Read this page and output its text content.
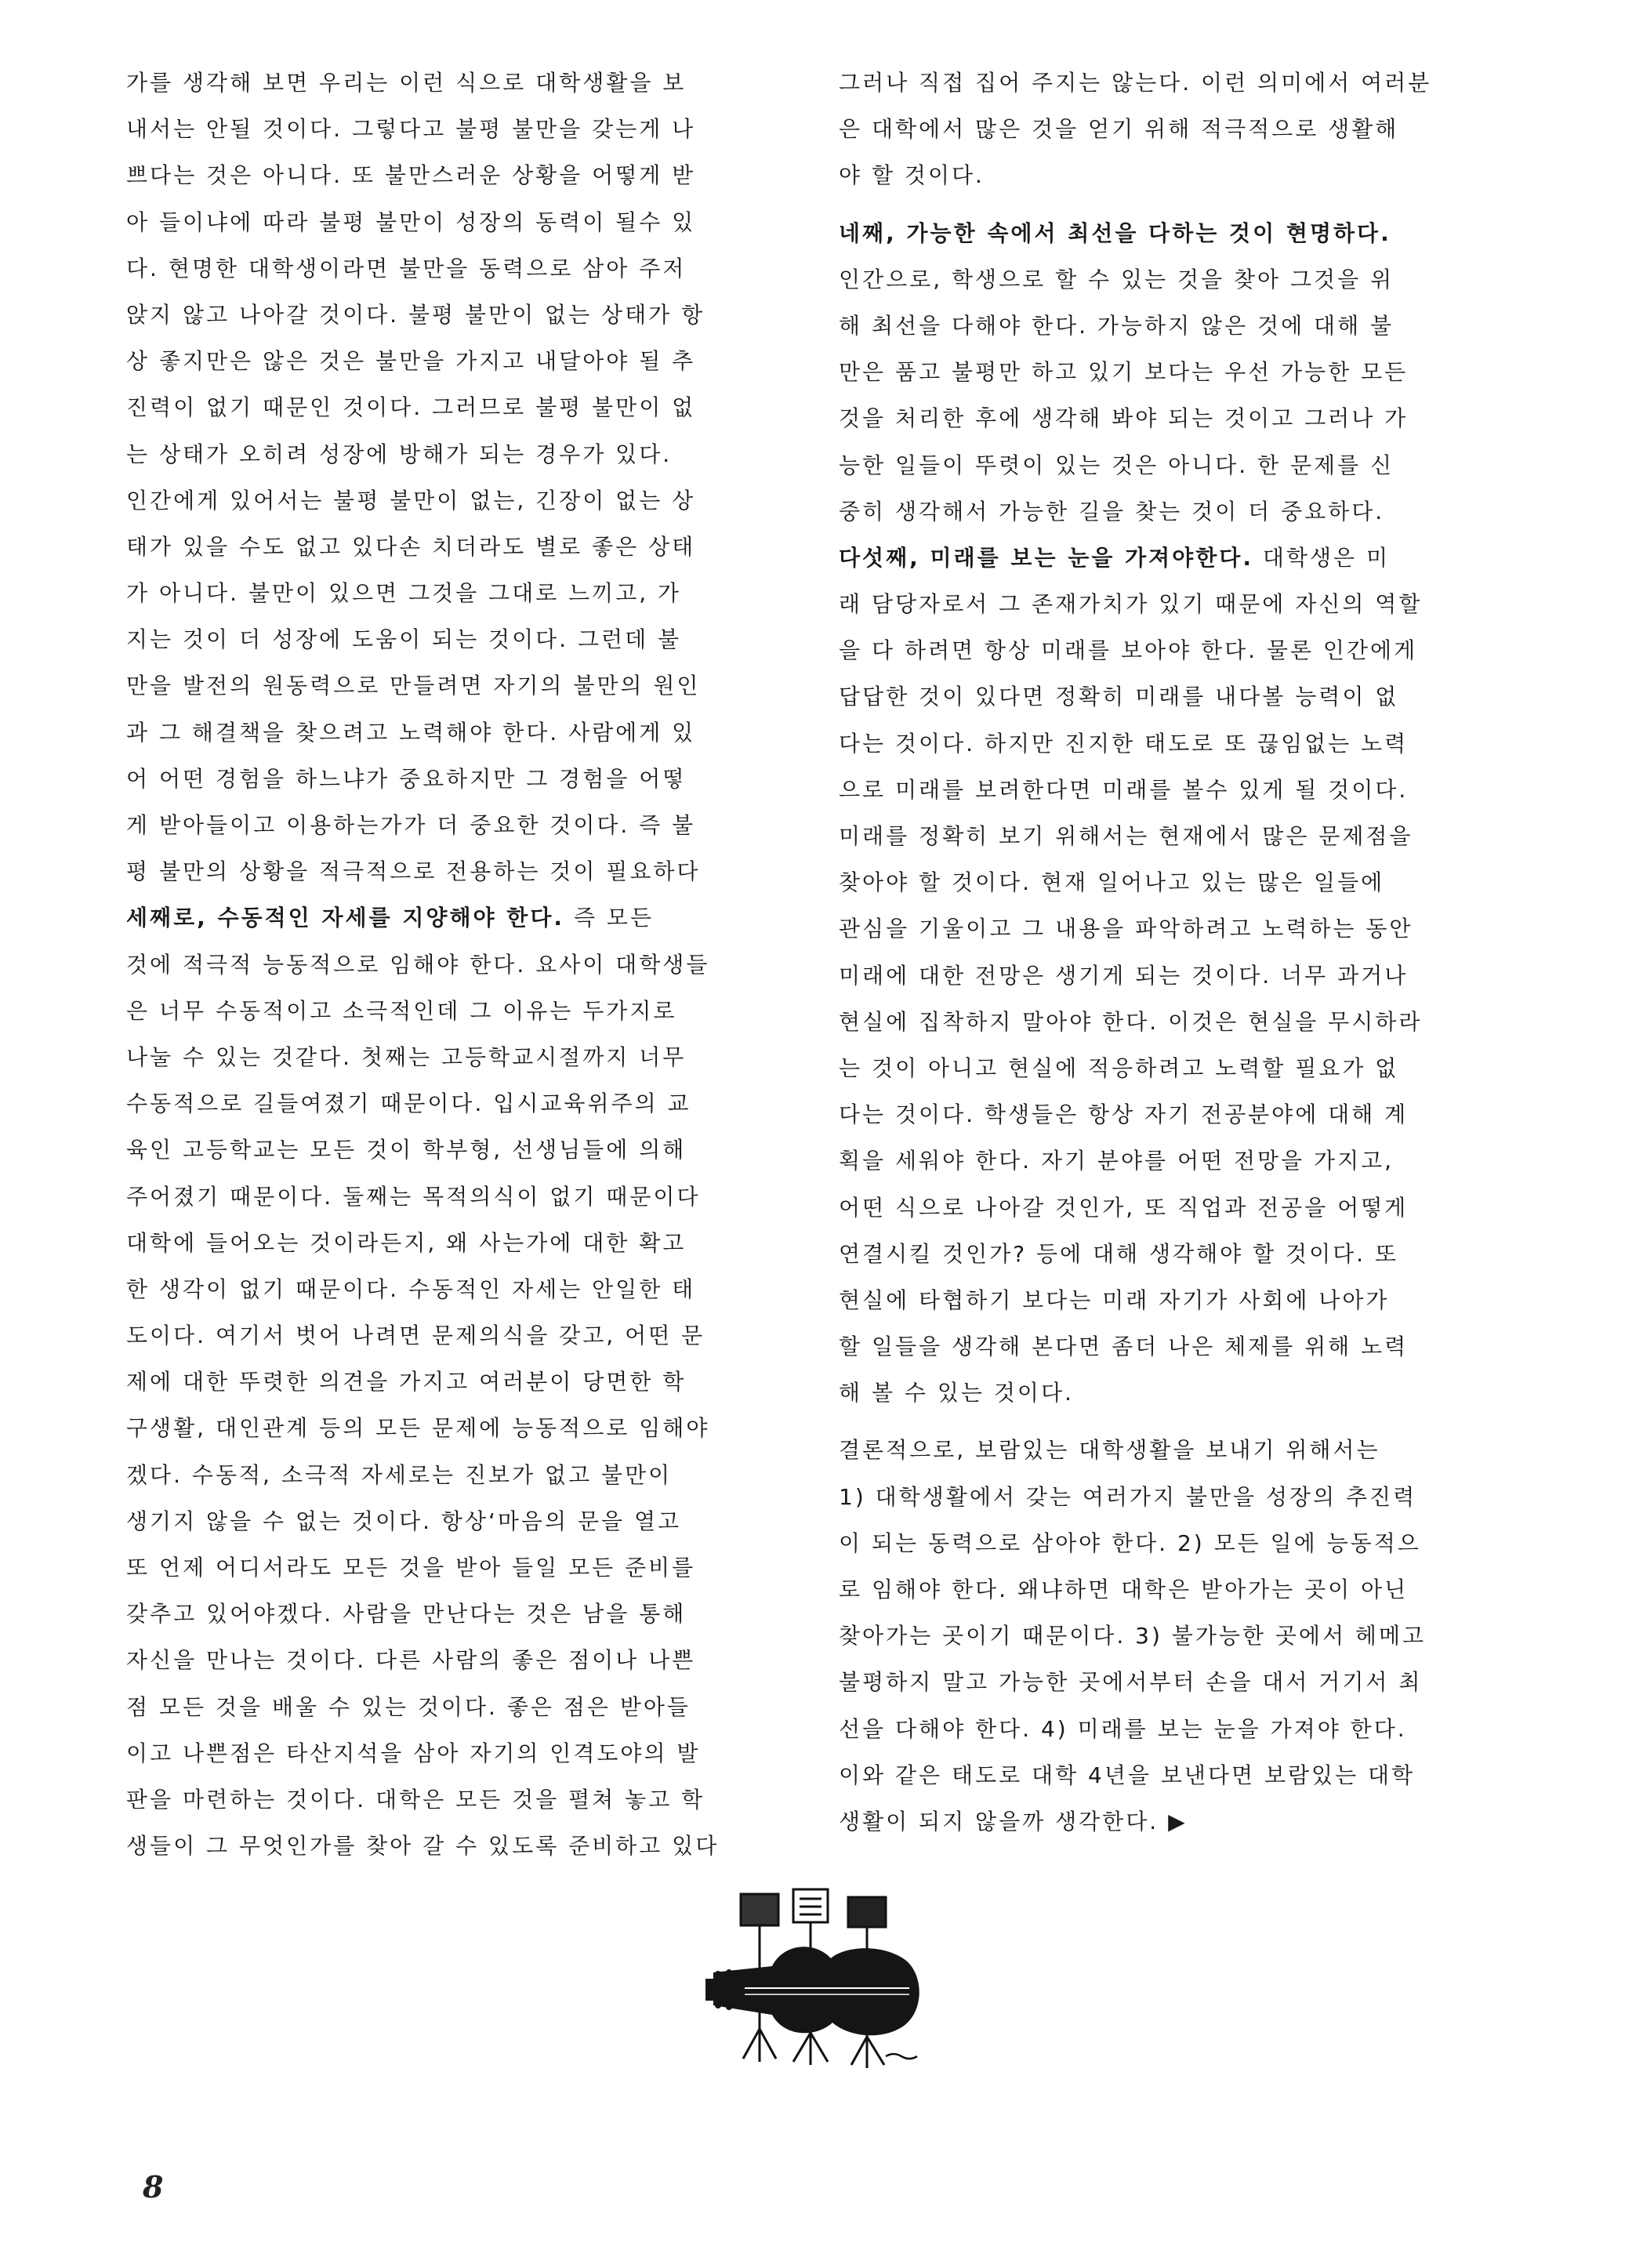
가를 생각해 보면 우리는 이런 식으로 대학생활을 보
내서는 안될 것이다. 그렇다고 불평 불만을 갖는게 나
쁘다는 것은 아니다. 또 불만스러운 상황을 어떻게 받
아 들이냐에 따라 불평 불만이 성장의 동력이 될수 있
다. 현명한 대학생이라면 불만을 동력으로 삼아 주저
앉지 않고 나아갈 것이다. 불평 불만이 없는 상태가 항
상 좋지만은 않은 것은 불만을 가지고 내달아야 될 추
진력이 없기 때문인 것이다. 그러므로 불평 불만이 없
는 상태가 오히려 성장에 방해가 되는 경우가 있다.
인간에게 있어서는 불평 불만이 없는, 긴장이 없는 상
태가 있을 수도 없고 있다손 치더라도 별로 좋은 상태
가 아니다. 불만이 있으면 그것을 그대로 느끼고, 가
지는 것이 더 성장에 도움이 되는 것이다. 그런데 불
만을 발전의 원동력으로 만들려면 자기의 불만의 원인
과 그 해결책을 찾으려고 노력해야 한다. 사람에게 있
어 어떤 경험을 하느냐가 중요하지만 그 경험을 어떻
게 받아들이고 이용하는가가 더 중요한 것이다. 즉 불
평 불만의 상황을 적극적으로 전용하는 것이 필요하다
세째로, 수동적인 자세를 지양해야 한다. 즉 모든
것에 적극적 능동적으로 임해야 한다. 요사이 대학생들
은 너무 수동적이고 소극적인데 그 이유는 두가지로
나눌 수 있는 것같다. 첫째는 고등학교시절까지 너무
수동적으로 길들여졌기 때문이다. 입시교육위주의 교
육인 고등학교는 모든 것이 학부형, 선생님들에 의해
주어졌기 때문이다. 둘째는 목적의식이 없기 때문이다
대학에 들어오는 것이라든지, 왜 사는가에 대한 확고
한 생각이 없기 때문이다. 수동적인 자세는 안일한 태
도이다. 여기서 벗어 나려면 문제의식을 갖고, 어떤 문
제에 대한 뚜렷한 의견을 가지고 여러분이 당면한 학
구생활, 대인관계 등의 모든 문제에 능동적으로 임해야
겠다. 수동적, 소극적 자세로는 진보가 없고 불만이
생기지 않을 수 없는 것이다. 항상‘마음의 문을 열고
또 언제 어디서라도 모든 것을 받아 들일 모든 준비를
갖추고 있어야겠다. 사람을 만난다는 것은 남을 통해
자신을 만나는 것이다. 다른 사람의 좋은 점이나 나쁜
점 모든 것을 배울 수 있는 것이다. 좋은 점은 받아들
이고 나쁜점은 타산지석을 삼아 자기의 인격도야의 발
판을 마련하는 것이다. 대학은 모든 것을 펼쳐 놓고 학
생들이 그 무엇인가를 찾아 갈 수 있도록 준비하고 있다
그러나 직접 집어 주지는 않는다. 이런 의미에서 여러분
은 대학에서 많은 것을 얻기 위해 적극적으로 생활해
야 할 것이다.
네째, 가능한 속에서 최선을 다하는 것이 현명하다.
인간으로, 학생으로 할 수 있는 것을 찾아 그것을 위
해 최선을 다해야 한다. 가능하지 않은 것에 대해 불
만은 품고 불평만 하고 있기 보다는 우선 가능한 모든
것을 처리한 후에 생각해 봐야 되는 것이고 그러나 가
능한 일들이 뚜렷이 있는 것은 아니다. 한 문제를 신
중히 생각해서 가능한 길을 찾는 것이 더 중요하다.
다섯째, 미래를 보는 눈을 가져야한다. 대학생은 미
래 담당자로서 그 존재가치가 있기 때문에 자신의 역할
을 다 하려면 항상 미래를 보아야 한다. 물론 인간에게
답답한 것이 있다면 정확히 미래를 내다볼 능력이 없
다는 것이다. 하지만 진지한 태도로 또 끊임없는 노력
으로 미래를 보려한다면 미래를 볼수 있게 될 것이다.
미래를 정확히 보기 위해서는 현재에서 많은 문제점을
찾아야 할 것이다. 현재 일어나고 있는 많은 일들에
관심을 기울이고 그 내용을 파악하려고 노력하는 동안
미래에 대한 전망은 생기게 되는 것이다. 너무 과거나
현실에 집착하지 말아야 한다. 이것은 현실을 무시하라
는 것이 아니고 현실에 적응하려고 노력할 필요가 없
다는 것이다. 학생들은 항상 자기 전공분야에 대해 계
획을 세워야 한다. 자기 분야를 어떤 전망을 가지고,
어떤 식으로 나아갈 것인가, 또 직업과 전공을 어떻게
연결시킬 것인가? 등에 대해 생각해야 할 것이다. 또
현실에 타협하기 보다는 미래 자기가 사회에 나아가
할 일들을 생각해 본다면 좀더 나은 체제를 위해 노력
해 볼 수 있는 것이다.
결론적으로, 보람있는 대학생활을 보내기 위해서는
1) 대학생활에서 갖는 여러가지 불만을 성장의 추진력
이 되는 동력으로 삼아야 한다. 2) 모든 일에 능동적으
로 임해야 한다. 왜냐하면 대학은 받아가는 곳이 아닌
찾아가는 곳이기 때문이다. 3) 불가능한 곳에서 헤메고
불평하지 말고 가능한 곳에서부터 손을 대서 거기서 최
선을 다해야 한다. 4) 미래를 보는 눈을 가져야 한다.
이와 같은 태도로 대학 4년을 보낸다면 보람있는 대학
생활이 되지 않을까 생각한다. ▶
8
